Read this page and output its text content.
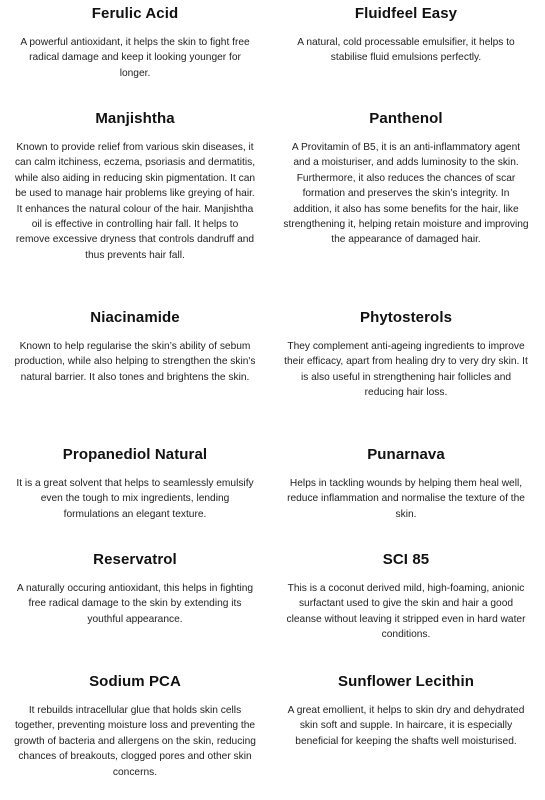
Ferulic Acid

A powerful antioxidant, it helps the skin to fight free radical damage and keep it looking younger for longer.

Fluidfeel Easy

A natural, cold processable emulsifier, it helps to stabilise fluid emulsions perfectly.

Manjishtha

Known to provide relief from various skin diseases, it can calm itchiness, eczema, psoriasis and dermatitis, while also aiding in reducing skin pigmentation. It can be used to manage hair problems like greying of hair. It enhances the natural colour of the hair. Manjishtha oil is effective in controlling hair fall. It helps to remove excessive dryness that controls dandruff and thus prevents hair fall.

Panthenol

A Provitamin of B5, it is an anti-inflammatory agent and a moisturiser, and adds luminosity to the skin. Furthermore, it also reduces the chances of scar formation and preserves the skin’s integrity. In addition, it also has some benefits for the hair, like strengthening it, helping retain moisture and improving the appearance of damaged hair.

Niacinamide

Known to help regularise the skin’s ability of sebum production, while also helping to strengthen the skin's natural barrier. It also tones and brightens the skin.

Phytosterols

They complement anti-ageing ingredients to improve their efficacy, apart from healing dry to very dry skin. It is also useful in strengthening hair follicles and reducing hair loss.

Propanediol Natural

It is a great solvent that helps to seamlessly emulsify even the tough to mix ingredients, lending formulations an elegant texture.

Punarnava

Helps in tackling wounds by helping them heal well, reduce inflammation and normalise the texture of the skin.

Reservatrol

A naturally occuring antioxidant, this helps in fighting free radical damage to the skin by extending its youthful appearance.

SCI 85

This is a coconut derived mild, high-foaming, anionic surfactant used to give the skin and hair a good cleanse without leaving it stripped even in hard water conditions.

Sodium PCA

It rebuilds intracellular glue that holds skin cells together, preventing moisture loss and preventing the growth of bacteria and allergens on the skin, reducing chances of breakouts, clogged pores and other skin concerns.

Sunflower Lecithin

A great emollient, it helps to skin dry and dehydrated skin soft and supple. In haircare, it is especially beneficial for keeping the shafts well moisturised.
